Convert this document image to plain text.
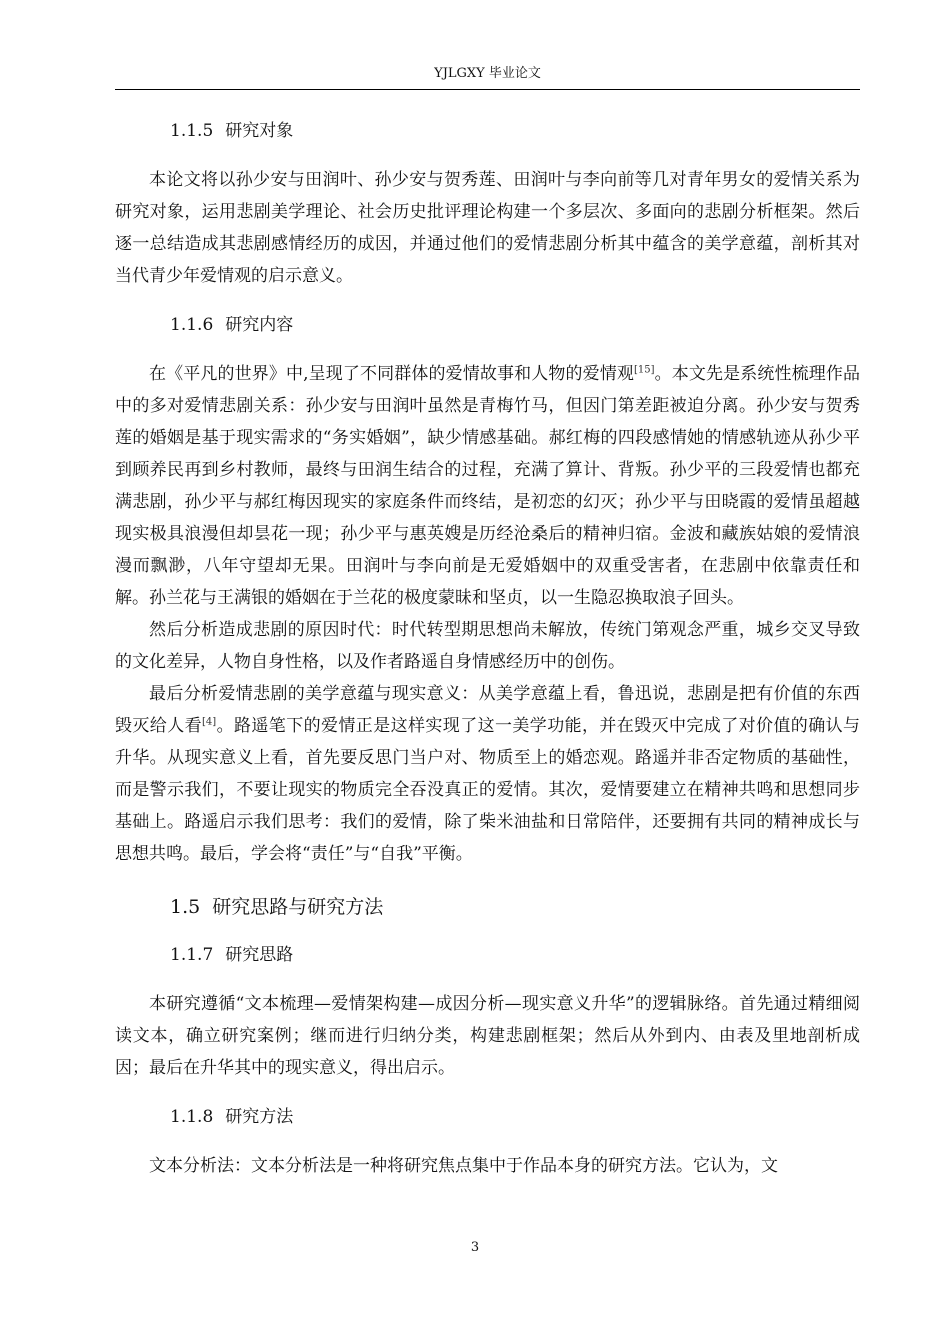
YJLGXY 毕业论文
1.1.5 研究对象

本论文将以孙少安与田润叶、孙少安与贺秀莲、田润叶与李向前等几对青年男女的爱情关系为研究对象，运用悲剧美学理论、社会历史批评理论构建一个多层次、多面向的悲剧分析框架。然后逐一总结造成其悲剧感情经历的成因，并通过他们的爱情悲剧分析其中蕴含的美学意蕴，剖析其对当代青少年爱情观的启示意义。

1.1.6 研究内容

在《平凡的世界》中,呈现了不同群体的爱情故事和人物的爱情观[15]。本文先是系统性梳理作品中的多对爱情悲剧关系：孙少安与田润叶虽然是青梅竹马，但因门第差距被迫分离。孙少安与贺秀莲的婚姻是基于现实需求的“务实婚姻”，缺少情感基础。郝红梅的四段感情她的情感轨迹从孙少平到顾养民再到乡村教师，最终与田润生结合的过程，充满了算计、背叛。孙少平的三段爱情也都充满悲剧，孙少平与郝红梅因现实的家庭条件而终结，是初恋的幻灭；孙少平与田晓霞的爱情虽超越现实极具浪漫但却昙花一现；孙少平与惠英嫂是历经沧桑后的精神归宿。金波和藏族姑娘的爱情浪漫而飘渺，八年守望却无果。田润叶与李向前是无爱婚姻中的双重受害者，在悲剧中依靠责任和解。孙兰花与王满银的婚姻在于兰花的极度蒙昧和坚贞，以一生隐忍换取浪子回头。

然后分析造成悲剧的原因时代：时代转型期思想尚未解放，传统门第观念严重，城乡交叉导致的文化差异，人物自身性格，以及作者路遥自身情感经历中的创伤。

最后分析爱情悲剧的美学意蕴与现实意义：从美学意蕴上看，鲁迅说，悲剧是把有价值的东西毁灭给人看[4]。路遥笔下的爱情正是这样实现了这一美学功能，并在毁灭中完成了对价值的确认与升华。从现实意义上看，首先要反思门当户对、物质至上的婚恋观。路遥并非否定物质的基础性，而是警示我们，不要让现实的物质完全吞没真正的爱情。其次，爱情要建立在精神共鸣和思想同步基础上。路遥启示我们思考：我们的爱情，除了柴米油盐和日常陪伴，还要拥有共同的精神成长与思想共鸣。最后，学会将“责任”与“自我”平衡。

1.5 研究思路与研究方法
1.1.7 研究思路

本研究遵循“文本梳理—爱情架构建—成因分析—现实意义升华”的逻辑脉络。首先通过精细阅读文本，确立研究案例；继而进行归纳分类，构建悲剧框架；然后从外到内、由表及里地剖析成因；最后在升华其中的现实意义，得出启示。

1.1.8 研究方法

文本分析法：文本分析法是一种将研究焦点集中于作品本身的研究方法。它认为，文

3
